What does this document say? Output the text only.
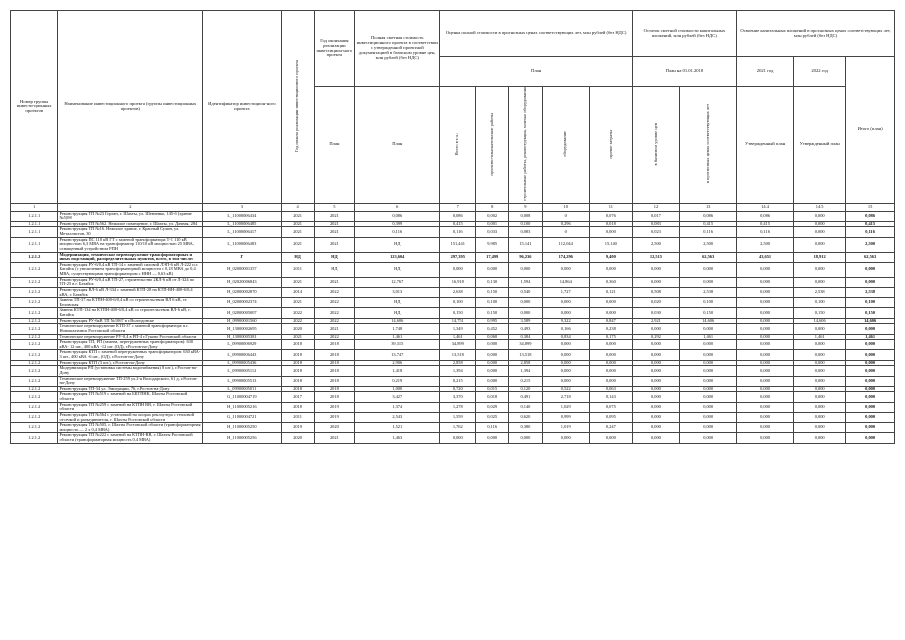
Номер группы инвести-ционных проектов	Наименование инвестиционного проекта (группы инвестиционных проектов)	Идентификатор инвестицион-ного проекта	Год начала реализации инвестиционного проекта	Год окончания реализации инвестицион-ного проекта	Полная сметная стоимость инвестиционного проекта в соответствии с утвержденной проектной документацией в базисном уровне цен, млн рублей (без НДС)	Оценка полной стоимости в прогнозных ценах соответствующих лет, млн рублей (без НДС)					Остаток сметной стоимости капитальных вложений, млн рублей (без НДС)		Освоение капитальных вложений в прогнозных ценах соответствующих лет, млн рублей (без НДС)		
						План					План на 01.01.2018		2021 год	2022 год	Итого (план)
				План	План	Всего в т.ч.:	проектно-изыскательские работы	строительные работы, реконструкция, монтаж оборудования	оборудование	прочие затраты	в базисном уровне цен	в прогнозных ценах соответствующих лет	Утвержденный план	Утвержденный план	
1	2	3	4	5	6	7	8	9	10	11	12	13	14.4	14.5	15
1.2.1.1	Реконструкция ТП №23 Горган, г. Шахты, ул. Шевченко, 145-б (здание №5)98	L_11000006434	2021	2021	0,086	0,086	0,002	0,008	0	0,076	0,017	0,086	0,086	0,000	0,086
1.2.1.1	Реконструкция ТП №562. Нежилое помещение, г. Шахты, ул. Дачная, 284	L_11000006485	2021	2021	0,399	0,415	0,001	0,100	0,296	0,018	0,083	0,415	0,415	0,000	0,415
1.2.1.1	Реконструкция ТП №16. Нежилое здание, г. Красный Сулин, ул. Металлистов, 30	L_11000006417	2021	2021	0,116	0,116	0,033	0,083	0	0,000	0,023	0,116	0,116	0,000	0,116
1.2.1.1	Реконструкция ПС 110 кВ ГТ с заменой трансформатора Т-1 110 кВ мощностью 6,3 МВА на трансформатор 110/10 кВ мощностью 25 МВА, оснащенный устройством РПН	L_11000006483	2021	2021	НД	151,441	9,985	15,141	112,044	15,140	2,500	2,500	2,500	0,000	2,500
1.2.1.2	Модернизация, техническое перевооружение трансформаторных и иных подстанций, распределительных пунктов, всего, в том числе:	Г	НД	НД	123,604	297,395	17,499	96,236	174,296	9,400	12,515	62,563	43,651	18,912	62,563
1.2.1.2	Реконструкция РУ-6/0,4 кВ ТП-14 с заменой силовой ЛЭП-6 кВ Л-222 п.г. Батайск (с увеличением трансформаторной мощности с 0,18 МВА до 0,4 МВА, существующими трансформатором с ННН — 0,63 кВ)	H_02000001357	2011	НД	НД	0,000	0,000	0,000	0,000	0,000	0,000	0,000	0,000	0,000	0,000
1.2.1.2	Реконструкция РУ-6/0,4 кВ ТП-27, строительство 2КЛ-6 кВ от Л-324 по ТП-25 в г. Батайск	H_02020006843	2021	2021	12,767	16,918	0,130	1,594	14,864	0,360	0,000	0,000	0,000	0,000	0,000
1.2.1.2	Реконструкция ВЛ-6 кВ Л-334 с заменой КТП-28 на КТП-ВН-400-6/0,4 кВА, г. Батайск	H_02000002870	2014	2022	3,013	2,638	0,150	0,540	1,727	0,121	0,508	2,538	0,000	2,538	2,538
1.2.1.2	Замена ТП-37 на КТПН-400-6/0,4 кВ со строительством ВЛ 6 кВ, ст. Беловская	H_02000002374	2021	2022	НД	0,100	0,100	0,000	0,000	0,000	0,020	0,100	0,000	0,100	0,100
1.2.1.2	Замена КТП-134 на КТПН-400-6/0,4 кВ со строительством ВЛ-6 кВ, г. Батайск	H_02000005007	2022	2022	НД	0,150	0,150	0,000	0,000	0,000	0,030	0,150	0,000	0,150	0,150
1.2.1.2	Реконструкция РУ-6кВ ТП №1067 в г.Волгодонске	H_09900001560	2022	2022	14,606	14,751	0,995	3,589	9,322	0,847	2,921	14,606	0,000	14,606	14,606
1.2.1.2	Техническое перевооружение КТП-37 с заменой трансформатора п.г. Новошахтинск Ростовской области	H_13000002695	2020	2021	1,748	1,349	0,452	0,493	0,166	0,238	0,000	0,000	0,000	0,000	0,000
1.2.1.2	Техническое перевооружение РУ-0,4 в РП-4 г.Гуково Ростовской области	H_13000005381	2021	2022	1,461	1,461	0,068	0,384	0,834	0,175	0,292	1,461	0,000	1,461	1,461
1.2.1.2	Реконструкция ТП, РП (замена, перегруженных трансформаторов): 630 кВА- 12 шт., 400 кВА -12 шт. (ОД), г.Ростов-на-Дону	L_09900006929	2018	2018	39,315	34,899	0,000	34,899	0,000	0,000	0,000	0,000	0,000	0,000	0,000
1.2.1.2	Реконструкция КТП с заменой перегруженных трансформаторов: 630 кВА- 3 шт., 400 кВА -6 шт., (ОД), г.Ростов-на-Дону	L_09900006443	2018	2018	13,747	13,518	0,000	13,518	0,000	0,000	0,000	0,000	0,000	0,000	0,000
1.2.1.2	Реконструкция КТП (3 шт.), г.Ростов-на-Дону	L_09900005436	2018	2018	2,906	2,858	0,000	2,858	0,000	0,000	0,000	0,000	0,000	0,000	0,000
1.2.1.2	Модернизация РП (установка системы водонабжения) 8 шт.), г.Ростов-на-Дону	L_09900005112	2018	2018	1,418	1,394	0,000	1,394	0,000	0,000	0,000	0,000	0,000	0,000	0,000
1.2.1.2	Техническое перевооружение ТП-259 ул.2-я Володарского, 61 д, г.Ростов-на-Дону	L_09900005513	2018	2018	0,219	0,215	0,000	0,215	0,000	0,000	0,000	0,000	0,000	0,000	0,000
1.2.1.2	Реконструкция ТП-34 ул. Эмиграции, 76, г.Ростов-на-Дону	L_09900005011	2018	2018	1,000	0,720	0,015	0,120	0,522	0,063	0,000	0,000	0,000	0,000	0,000
1.2.1.2	Реконструкция ТП №519 с заменой на БКТПНК, Шахты Ростовской области	G_11000004719	2017	2018	3,427	3,370	0,018	0,491	2,718	0,143	0,000	0,000	0,000	0,000	0,000
1.2.1.2	Реконструкция ТП №259 с заменой на КТПН ВВ, г. Шахты Ростовской области	H_11000005216	2018	2019	1,374	1,278	0,029	0,140	1,029	0,075	0,000	0,000	0,000	0,000	0,000
1.2.1.2	Реконструкция ТП №564 с установкой на опорах реклоузера с тепловой отсечкой и разъединителя, г. Шахты Ростовской области	G_11000004721	2011	2019	2,543	1,559	0,025	0,620	0,999	0,095	0,000	0,000	0,000	0,000	0,000
1.2.1.2	Реконструкция ТП №505, г. Шахты Ростовской области (трансформаторная мощность — 2 x 0,4 МВА)	H_11000005250	2019	2020	1,521	1,762	0,116	0,380	1,019	0,247	0,000	0,000	0,000	0,000	0,000
1.2.1.2	Реконструкция ТП №222 с заменой на КТПН-ВВ, г. Шахты Ростовской области (трансформаторная мощность 0,4 МВА)	H_11000005256	2020	2021	1,463	0,000	0,000	0,000	0,000	0,000	0,000	0,000	0,000	0,000	0,000
